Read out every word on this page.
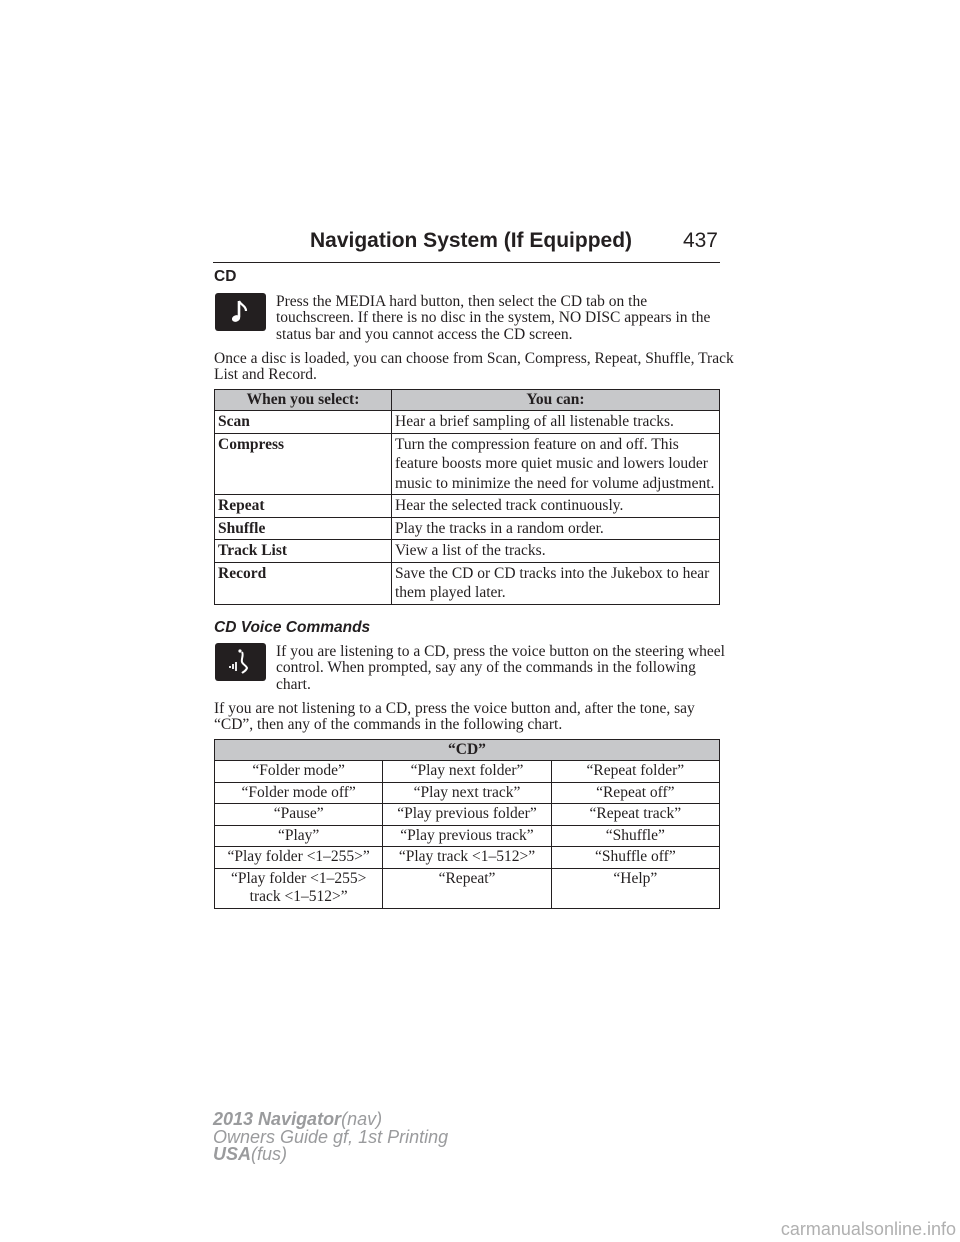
Navigation System (If Equipped) 437
CD
Press the MEDIA hard button, then select the CD tab on the touchscreen. If there is no disc in the system, NO DISC appears in the status bar and you cannot access the CD screen.
Once a disc is loaded, you can choose from Scan, Compress, Repeat, Shuffle, Track List and Record.
When you select:	You can:
Scan	Hear a brief sampling of all listenable tracks.
Compress	Turn the compression feature on and off. This feature boosts more quiet music and lowers louder music to minimize the need for volume adjustment.
Repeat	Hear the selected track continuously.
Shuffle	Play the tracks in a random order.
Track List	View a list of the tracks.
Record	Save the CD or CD tracks into the Jukebox to hear them played later.
CD Voice Commands
If you are listening to a CD, press the voice button on the steering wheel control. When prompted, say any of the commands in the following chart.
If you are not listening to a CD, press the voice button and, after the tone, say “CD”, then any of the commands in the following chart.
“CD”		
“Folder mode”	“Play next folder”	“Repeat folder”
“Folder mode off”	“Play next track”	“Repeat off”
“Pause”	“Play previous folder”	“Repeat track”
“Play”	“Play previous track”	“Shuffle”
“Play folder <1–255>”	“Play track <1–512>”	“Shuffle off”
“Play folder <1–255> track <1–512>”	“Repeat”	“Help”
2013 Navigator(nav)
Owners Guide gf, 1st Printing
USA(fus)
carmanualsonline.info
